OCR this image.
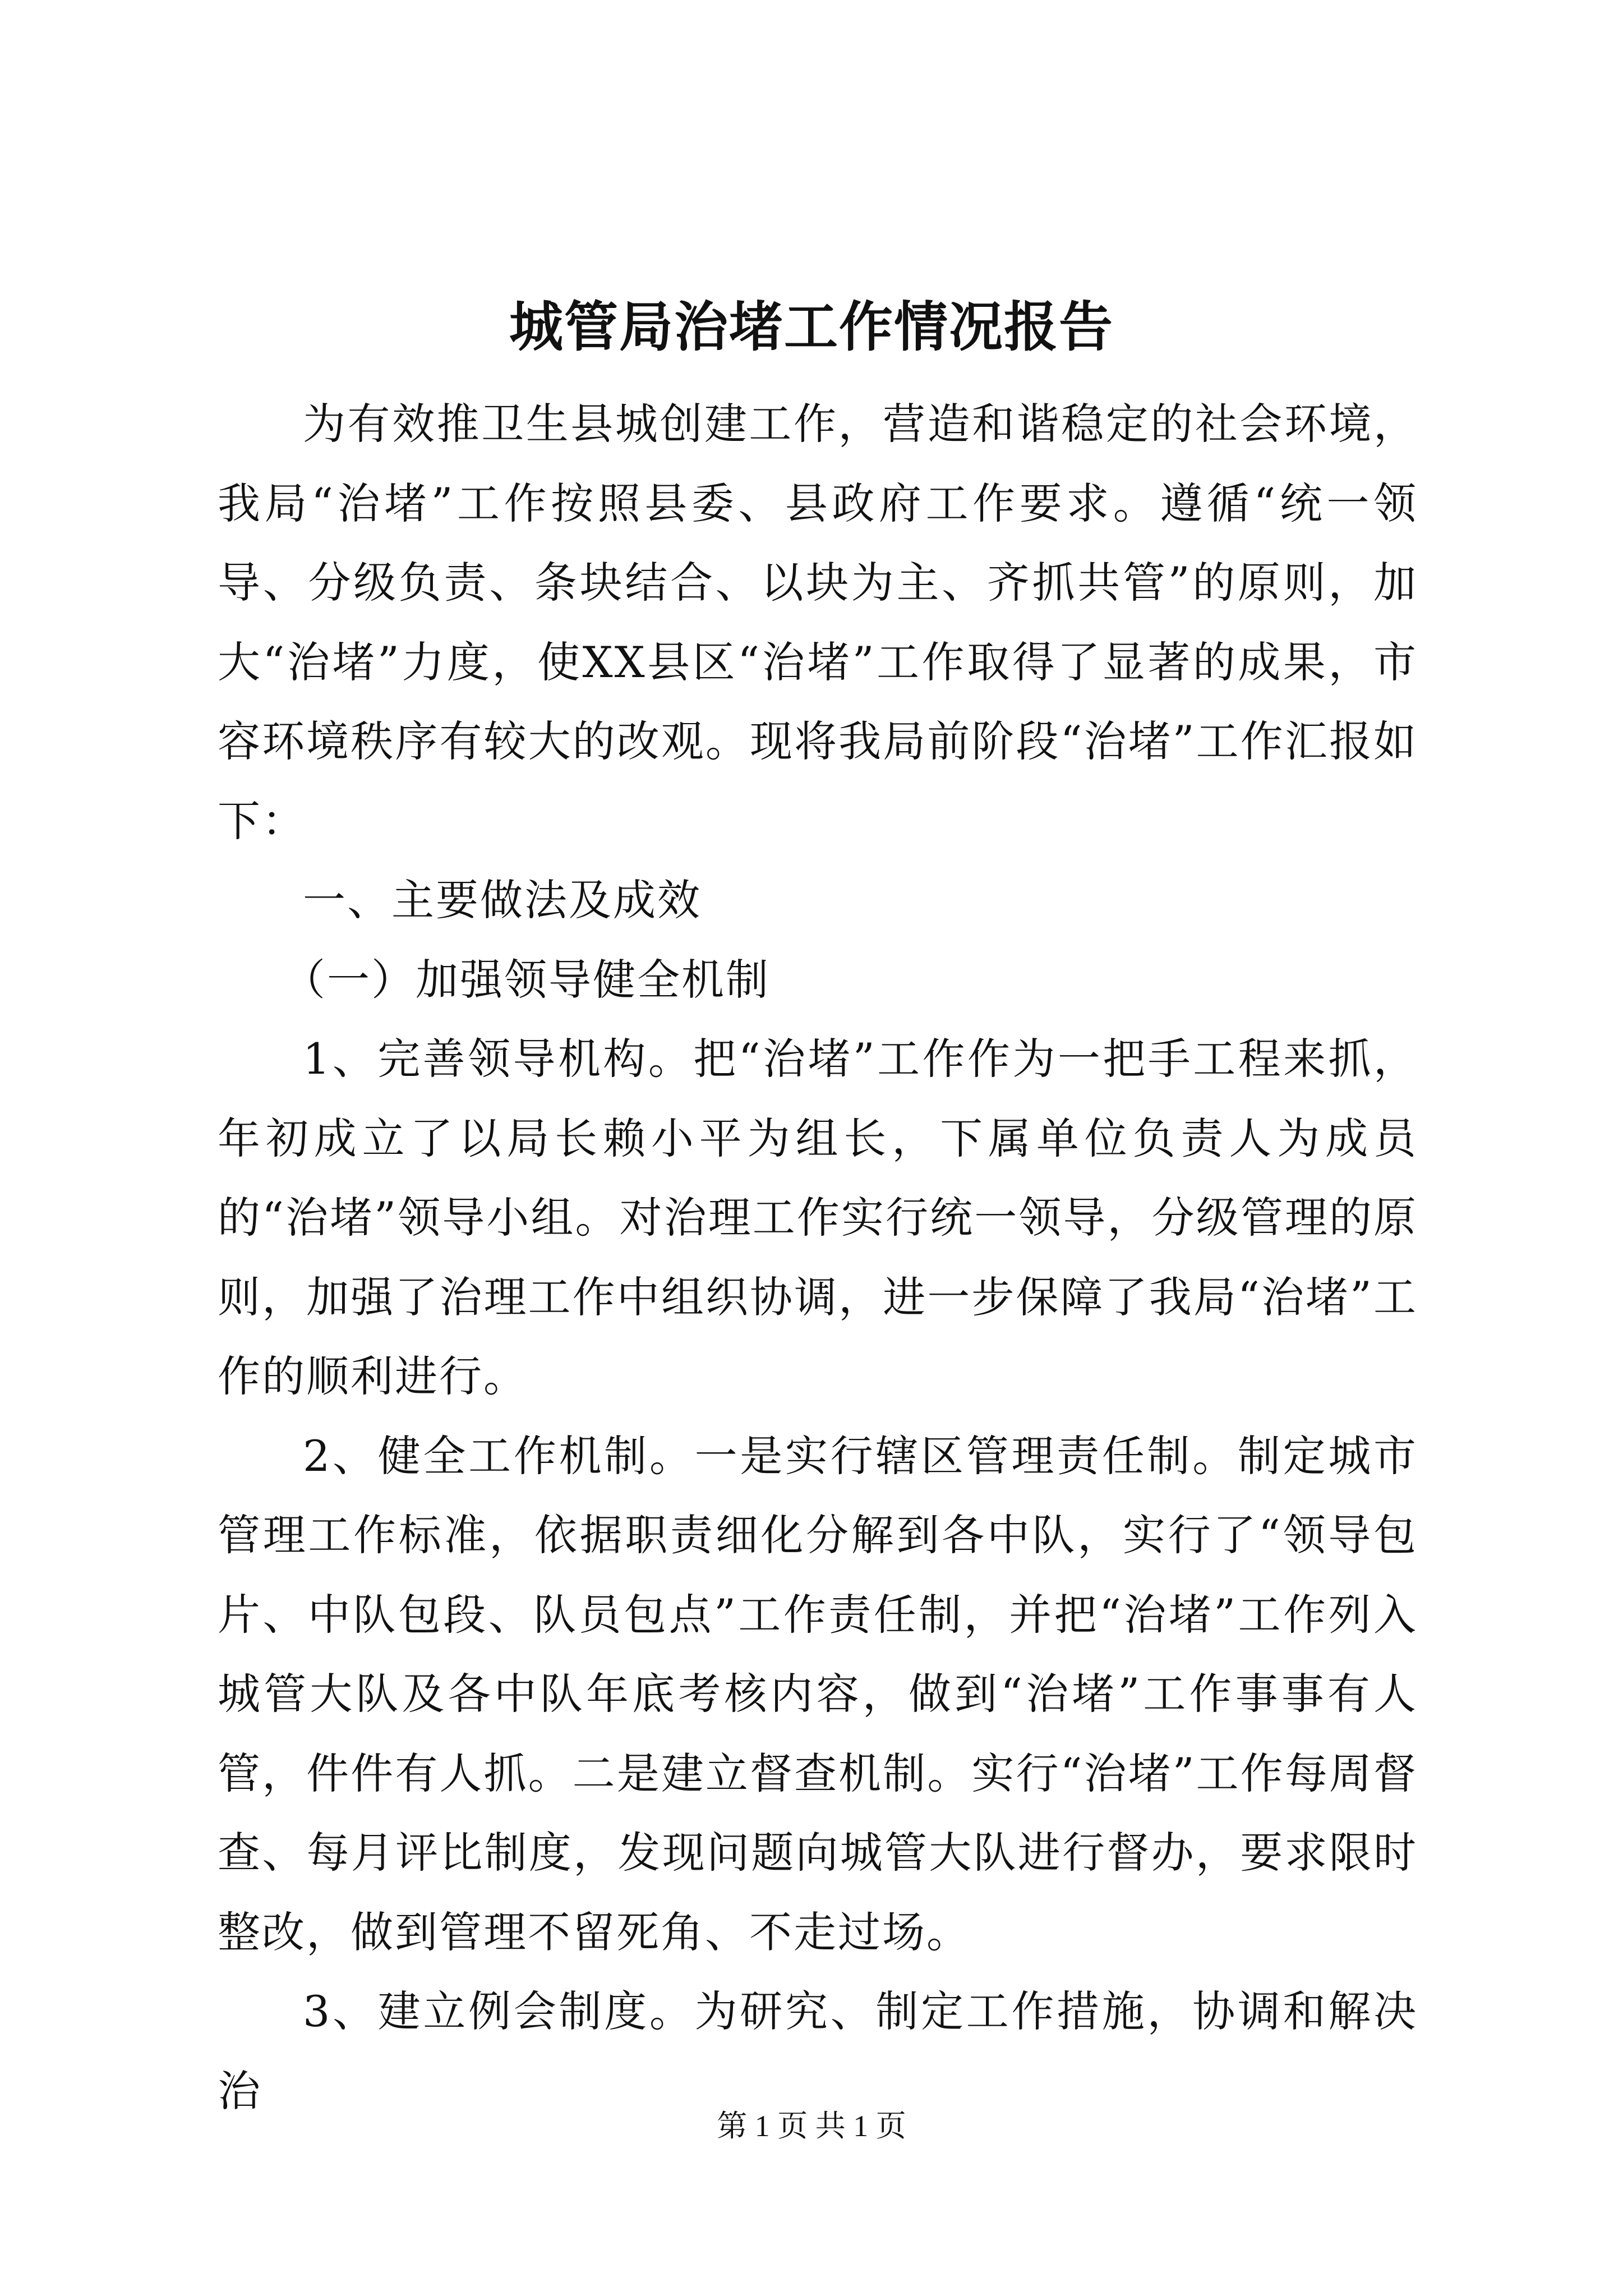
城管局治堵工作情况报告

为有效推卫生县城创建工作，营造和谐稳定的社会环境，我局“治堵”工作按照县委、县政府工作要求。遵循“统一领导、分级负责、条块结合、以块为主、齐抓共管”的原则，加大“治堵”力度，使XX县区“治堵”工作取得了显著的成果，市容环境秩序有较大的改观。现将我局前阶段“治堵”工作汇报如下：

一、主要做法及成效

（一）加强领导健全机制

1、完善领导机构。把“治堵”工作作为一把手工程来抓，年初成立了以局长赖小平为组长，下属单位负责人为成员的“治堵”领导小组。对治理工作实行统一领导，分级管理的原则，加强了治理工作中组织协调，进一步保障了我局“治堵”工作的顺利进行。

2、健全工作机制。一是实行辖区管理责任制。制定城市管理工作标准，依据职责细化分解到各中队，实行了“领导包片、中队包段、队员包点”工作责任制，并把“治堵”工作列入城管大队及各中队年底考核内容，做到“治堵”工作事事有人管，件件有人抓。二是建立督查机制。实行“治堵”工作每周督查、每月评比制度，发现问题向城管大队进行督办，要求限时整改，做到管理不留死角、不走过场。

3、建立例会制度。为研究、制定工作措施，协调和解决治

第 1 页 共 1 页
